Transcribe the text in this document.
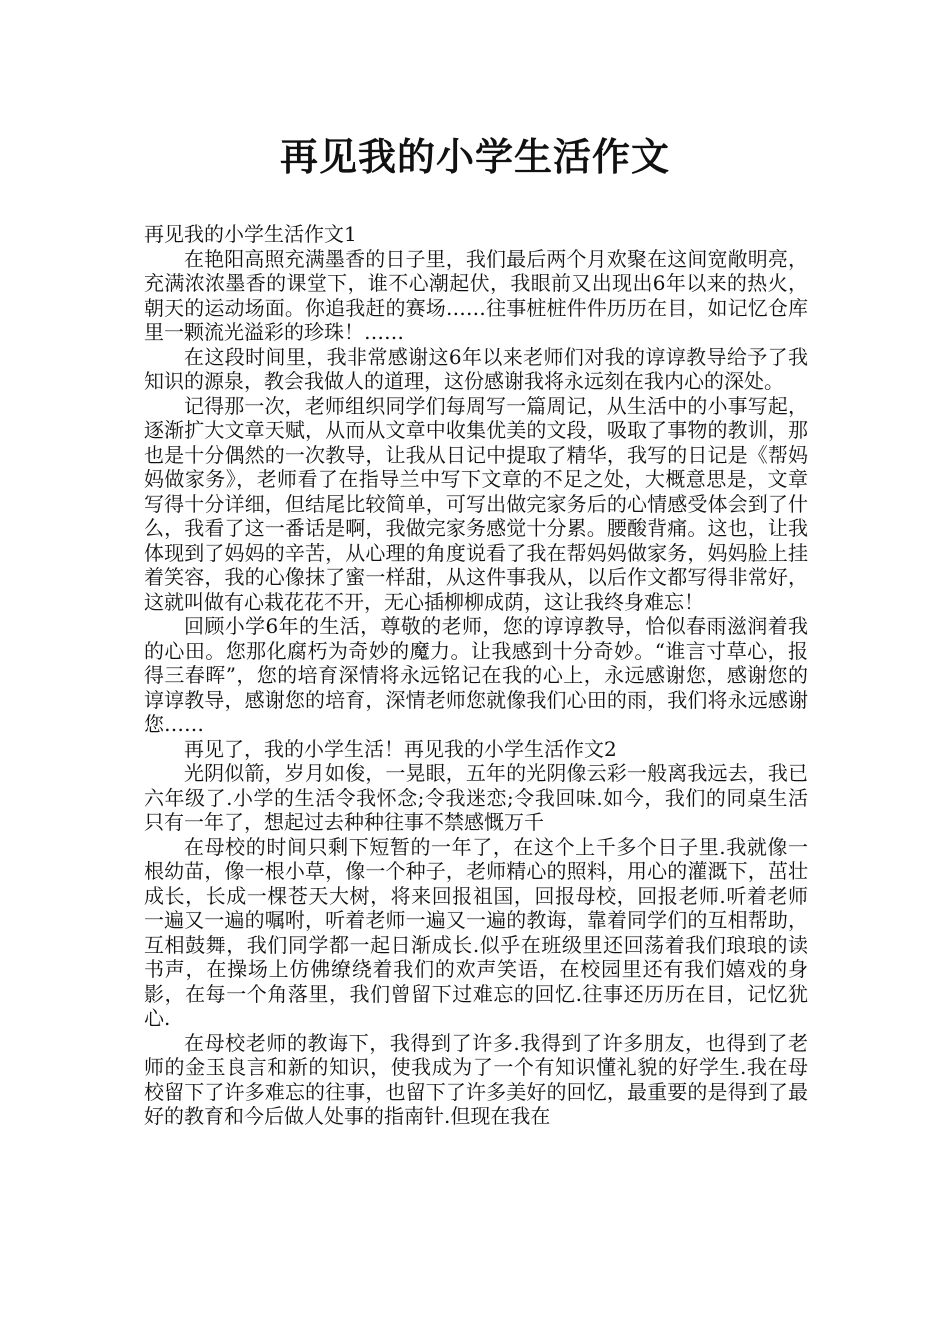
再见我的小学生活作文

再见我的小学生活作文1

在艳阳高照充满墨香的日子里，我们最后两个月欢聚在这间宽敞明亮，充满浓浓墨香的课堂下，谁不心潮起伏，我眼前又出现出6年以来的热火，朝天的运动场面。你追我赶的赛场……往事桩桩件件历历在目，如记忆仓库里一颗流光溢彩的珍珠！……

在这段时间里，我非常感谢这6年以来老师们对我的谆谆教导给予了我知识的源泉，教会我做人的道理，这份感谢我将永远刻在我内心的深处。

记得那一次，老师组织同学们每周写一篇周记，从生活中的小事写起，逐渐扩大文章天赋，从而从文章中收集优美的文段，吸取了事物的教训，那也是十分偶然的一次教导，让我从日记中提取了精华，我写的日记是《帮妈妈做家务》，老师看了在指导兰中写下文章的不足之处，大概意思是，文章写得十分详细，但结尾比较简单，可写出做完家务后的心情感受体会到了什么，我看了这一番话是啊，我做完家务感觉十分累。腰酸背痛。这也，让我体现到了妈妈的辛苦，从心理的角度说看了我在帮妈妈做家务，妈妈脸上挂着笑容，我的心像抹了蜜一样甜，从这件事我从，以后作文都写得非常好，这就叫做有心栽花花不开，无心插柳柳成荫，这让我终身难忘！

回顾小学6年的生活，尊敬的老师，您的谆谆教导，恰似春雨滋润着我的心田。您那化腐朽为奇妙的魔力。让我感到十分奇妙。“谁言寸草心，报得三春晖”，您的培育深情将永远铭记在我的心上，永远感谢您，感谢您的谆谆教导，感谢您的培育，深情老师您就像我们心田的雨，我们将永远感谢您……

再见了，我的小学生活！再见我的小学生活作文2

光阴似箭，岁月如俊，一晃眼，五年的光阴像云彩一般离我远去，我已六年级了.小学的生活令我怀念;令我迷恋;令我回味.如今，我们的同桌生活只有一年了，想起过去种种往事不禁感慨万千

在母校的时间只剩下短暂的一年了，在这个上千多个日子里.我就像一根幼苗，像一根小草，像一个种子，老师精心的照料，用心的灌溉下，茁壮成长，长成一棵苍天大树，将来回报祖国，回报母校，回报老师.听着老师一遍又一遍的嘱咐，听着老师一遍又一遍的教诲，靠着同学们的互相帮助，互相鼓舞，我们同学都一起日渐成长.似乎在班级里还回荡着我们琅琅的读书声，在操场上仿佛缭绕着我们的欢声笑语，在校园里还有我们嬉戏的身影，在每一个角落里，我们曾留下过难忘的回忆.往事还历历在目，记忆犹心.

在母校老师的教诲下，我得到了许多.我得到了许多朋友，也得到了老师的金玉良言和新的知识，使我成为了一个有知识懂礼貌的好学生.我在母校留下了许多难忘的往事，也留下了许多美好的回忆，最重要的是得到了最好的教育和今后做人处事的指南针.但现在我在
